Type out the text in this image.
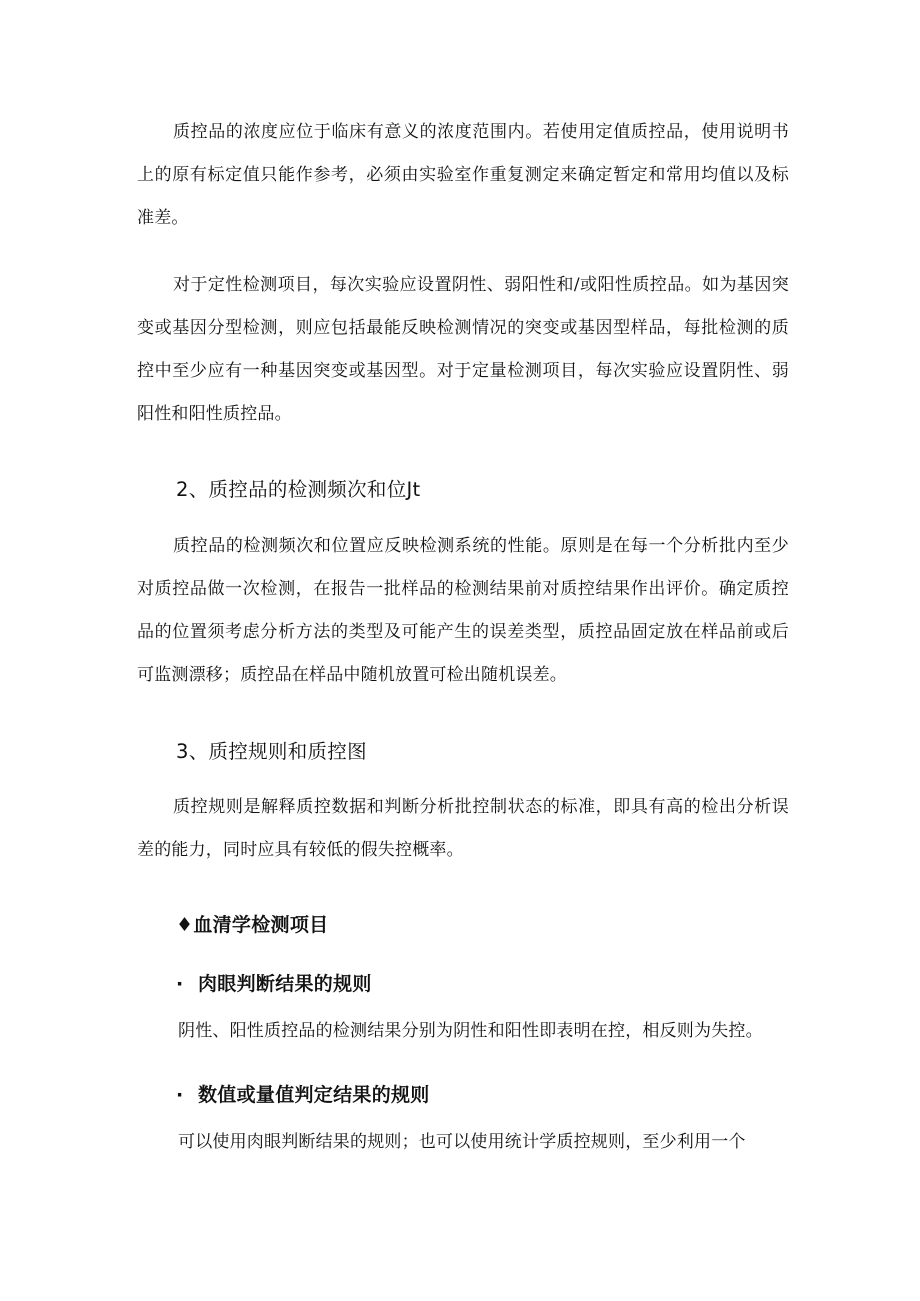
质控品的浓度应位于临床有意义的浓度范围内。若使用定值质控品，使用说明书上的原有标定值只能作参考，必须由实验室作重复测定来确定暂定和常用均值以及标准差。

对于定性检测项目，每次实验应设置阴性、弱阳性和/或阳性质控品。如为基因突变或基因分型检测，则应包括最能反映检测情况的突变或基因型样品，每批检测的质控中至少应有一种基因突变或基因型。对于定量检测项目，每次实验应设置阴性、弱阳性和阳性质控品。

2、质控品的检测频次和位Jt

质控品的检测频次和位置应反映检测系统的性能。原则是在每一个分析批内至少对质控品做一次检测，在报告一批样品的检测结果前对质控结果作出评价。确定质控品的位置须考虑分析方法的类型及可能产生的误差类型，质控品固定放在样品前或后可监测漂移；质控品在样品中随机放置可检出随机误差。

3、质控规则和质控图

质控规则是解释质控数据和判断分析批控制状态的标准，即具有高的检出分析误差的能力，同时应具有较低的假失控概率。

♦血清学检测项目
· 肉眼判断结果的规则

阴性、阳性质控品的检测结果分别为阴性和阳性即表明在控，相反则为失控。

· 数值或量值判定结果的规则

可以使用肉眼判断结果的规则；也可以使用统计学质控规则，至少利用一个
